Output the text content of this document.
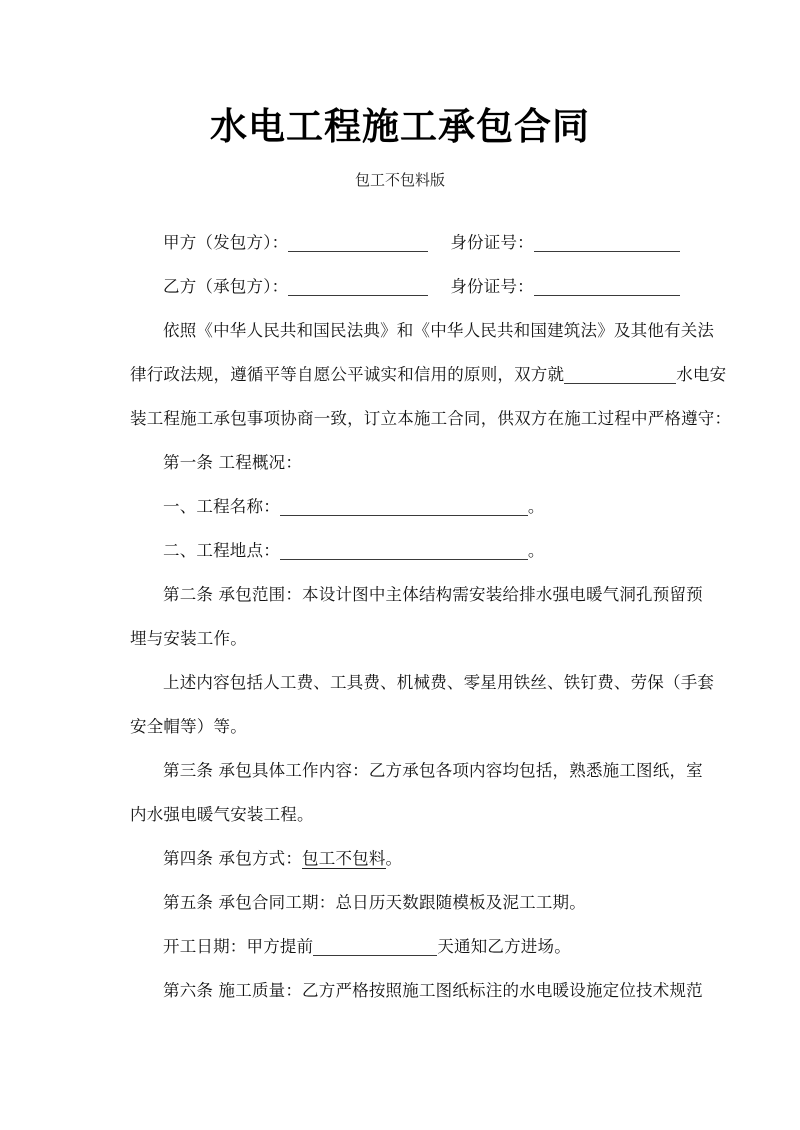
水电工程施工承包合同
包工不包料版

甲方（发包方）：	身份证号：

乙方（承包方）：	身份证号：

依照《中华人民共和国民法典》和《中华人民共和国建筑法》及其他有关法

律行政法规，遵循平等自愿公平诚实和信用的原则，双方就	水电安

装工程施工承包事项协商一致，订立本施工合同，供双方在施工过程中严格遵守：

第一条 工程概况：

一、工程名称：	。

二、工程地点：	。

第二条 承包范围：本设计图中主体结构需安装给排水强电暖气洞孔预留预

埋与安装工作。

上述内容包括人工费、工具费、机械费、零星用铁丝、铁钉费、劳保（手套

安全帽等）等。

第三条 承包具体工作内容：乙方承包各项内容均包括，熟悉施工图纸，室

内水强电暖气安装工程。

第四条 承包方式：包工不包料。

第五条 承包合同工期：总日历天数跟随模板及泥工工期。

开工日期：甲方提前	天通知乙方进场。

第六条 施工质量：乙方严格按照施工图纸标注的水电暖设施定位技术规范
